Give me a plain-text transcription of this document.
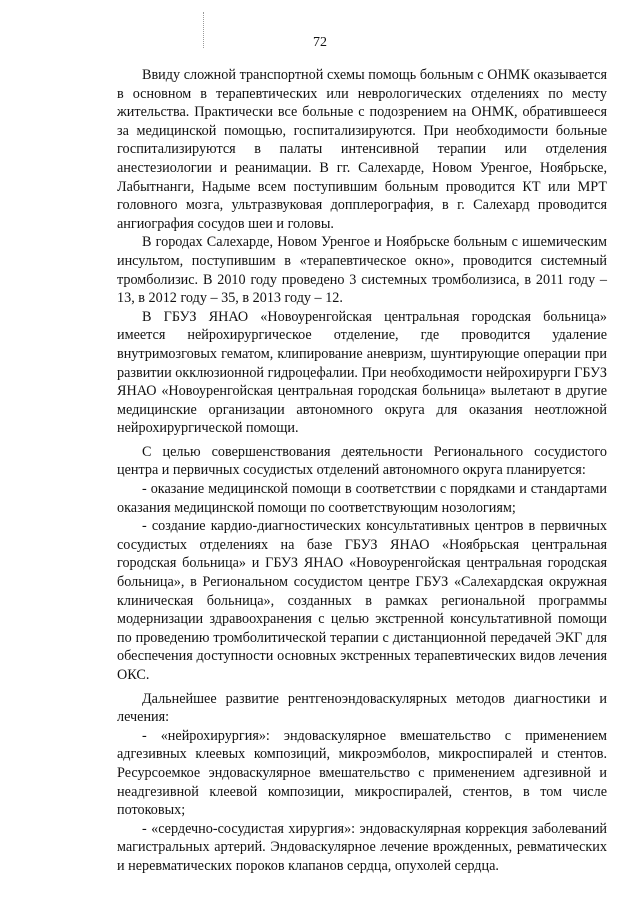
72

Ввиду сложной транспортной схемы помощь больным с ОНМК оказывается в основном в терапевтических или неврологических отделениях по месту жительства. Практически все больные с подозрением на ОНМК, обратившееся за медицинской помощью, госпитализируются. При необходимости больные госпитализируются в палаты интенсивной терапии или отделения анестезиологии и реанимации. В гг. Салехарде, Новом Уренгое, Ноябрьске, Лабытнанги, Надыме всем поступившим больным проводится КТ или МРТ головного мозга, ультразвуковая допплерография, в г. Салехард проводится ангиография сосудов шеи и головы.

В городах Салехарде, Новом Уренгое и Ноябрьске больным с ишемическим инсультом, поступившим в «терапевтическое окно», проводится системный тромболизис. В 2010 году проведено 3 системных тромболизиса, в 2011 году – 13, в 2012 году – 35, в 2013 году – 12.

В ГБУЗ ЯНАО «Новоуренгойская центральная городская больница» имеется нейрохирургическое отделение, где проводится удаление внутримозговых гематом, клипирование аневризм, шунтирующие операции при развитии окклюзионной гидроцефалии. При необходимости нейрохирурги ГБУЗ ЯНАО «Новоуренгойская центральная городская больница» вылетают в другие медицинские организации автономного округа для оказания неотложной нейрохирургической помощи.

С целью совершенствования деятельности Регионального сосудистого центра и первичных сосудистых отделений автономного округа планируется:

- оказание медицинской помощи в соответствии с порядками и стандартами оказания медицинской помощи по соответствующим нозологиям;

- создание кардио-диагностических консультативных центров в первичных сосудистых отделениях на базе ГБУЗ ЯНАО «Ноябрьская центральная городская больница» и ГБУЗ ЯНАО «Новоуренгойская центральная городская больница», в Региональном сосудистом центре ГБУЗ «Салехардская окружная клиническая больница», созданных в рамках региональной программы модернизации здравоохранения с целью экстренной консультативной помощи по проведению тромболитической терапии с дистанционной передачей ЭКГ для обеспечения доступности основных экстренных терапевтических видов лечения ОКС.

Дальнейшее развитие рентгеноэндоваскулярных методов диагностики и лечения:

- «нейрохирургия»: эндоваскулярное вмешательство с применением адгезивных клеевых композиций, микроэмболов, микроспиралей и стентов. Ресурсоемкое эндоваскулярное вмешательство с применением адгезивной и неадгезивной клеевой композиции, микроспиралей, стентов, в том числе потоковых;

- «сердечно-сосудистая хирургия»: эндоваскулярная коррекция заболеваний магистральных артерий. Эндоваскулярное лечение врожденных, ревматических и неревматических пороков клапанов сердца, опухолей сердца.
